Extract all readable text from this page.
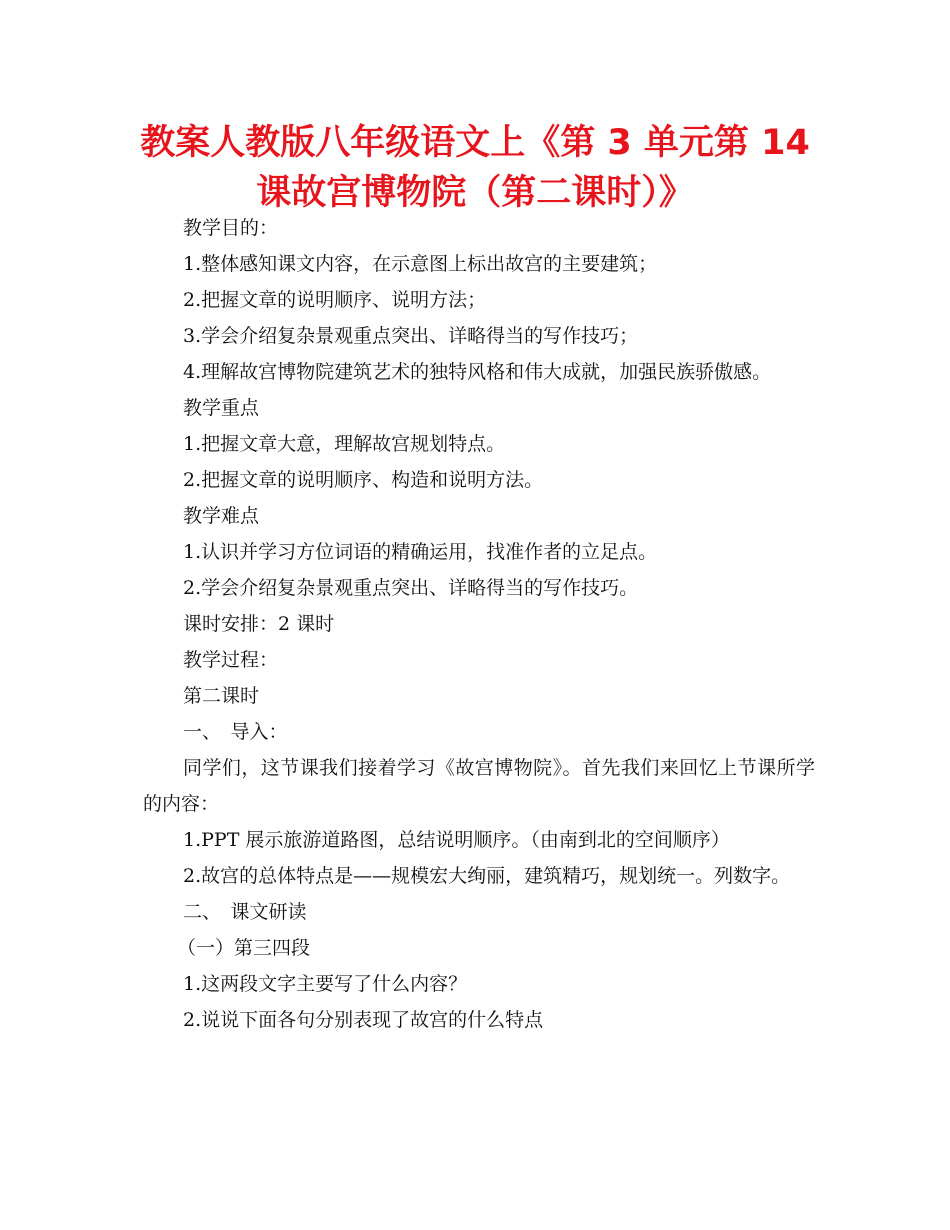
教案人教版八年级语文上《第 3 单元第 14
课故宫博物院（第二课时）》
教学目的：
1.整体感知课文内容，在示意图上标出故宫的主要建筑；
2.把握文章的说明顺序、说明方法；
3.学会介绍复杂景观重点突出、详略得当的写作技巧；
4.理解故宫博物院建筑艺术的独特风格和伟大成就，加强民族骄傲感。
教学重点
1.把握文章大意，理解故宫规划特点。
2.把握文章的说明顺序、构造和说明方法。
教学难点
1.认识并学习方位词语的精确运用，找准作者的立足点。
2.学会介绍复杂景观重点突出、详略得当的写作技巧。
课时安排：2 课时
教学过程：
第二课时
一、　导入：
同学们，这节课我们接着学习《故宫博物院》。首先我们来回忆上节课所学的内容：
1.PPT 展示旅游道路图，总结说明顺序。（由南到北的空间顺序）
2.故宫的总体特点是——规模宏大绚丽，建筑精巧，规划统一。列数字。
二、　课文研读
（一）第三四段
1.这两段文字主要写了什么内容？
2.说说下面各句分别表现了故宫的什么特点
